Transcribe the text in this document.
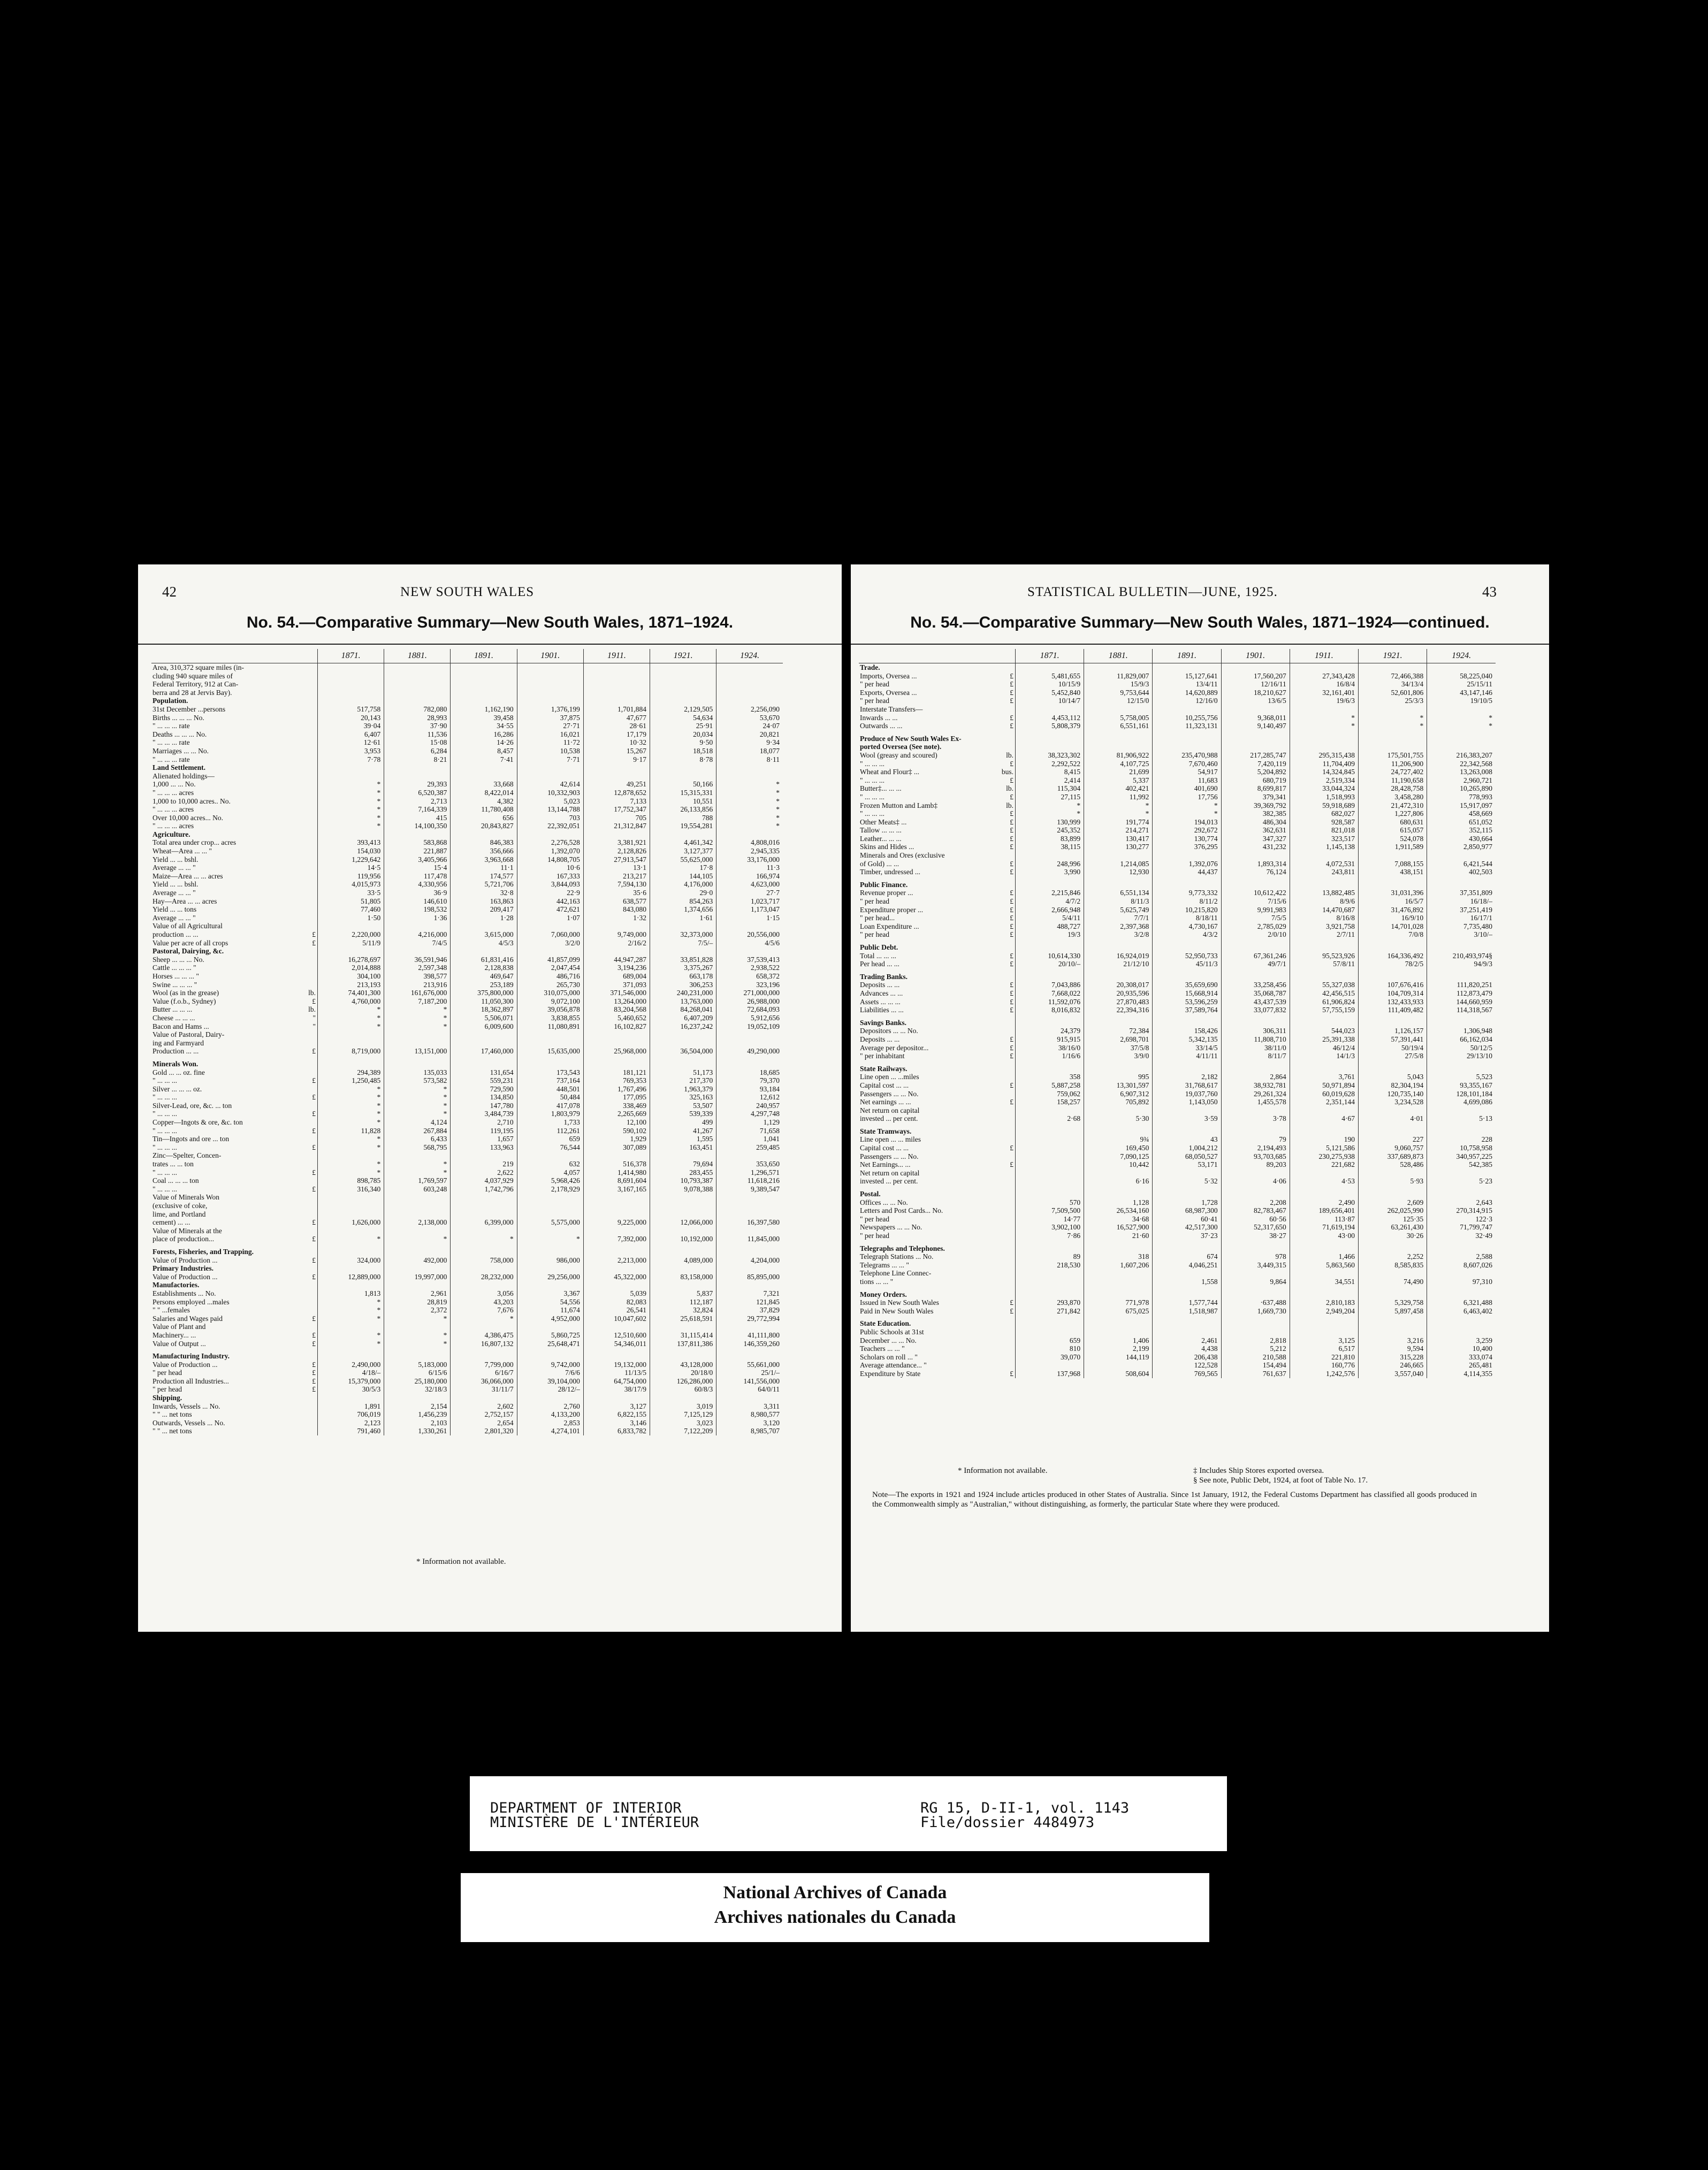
42	NEW SOUTH WALES
No. 54.—Comparative Summary—New South Wales, 1871–1924.
		1871.	1881.	1891.	1901.	1911.	1921.	1924.
Area, 310,372 square miles (in-								
cluding 940 square miles of								
Federal Territory, 912 at Can-								
berra and 28 at Jervis Bay).								
Population.								
31st December ...persons		517,758	782,080	1,162,190	1,376,199	1,701,884	2,129,505	2,256,090
Births ... ... ... No.		20,143	28,993	39,458	37,875	47,677	54,634	53,670
" ... ... ... rate		39·04	37·90	34·55	27·71	28·61	25·91	24·07
Deaths ... ... ... No.		6,407	11,536	16,286	16,021	17,179	20,034	20,821
" ... ... ... rate		12·61	15·08	14·26	11·72	10·32	9·50	9·34
Marriages ... ... No.		3,953	6,284	8,457	10,538	15,267	18,518	18,077
" ... ... ... rate		7·78	8·21	7·41	7·71	9·17	8·78	8·11
Land Settlement.								
Alienated holdings—								
1,000 ... ... No.		*	29,393	33,668	42,614	49,251	50,166	*
" ... ... ... acres		*	6,520,387	8,422,014	10,332,903	12,878,652	15,315,331	*
1,000 to 10,000 acres.. No.		*	2,713	4,382	5,023	7,133	10,551	*
" ... ... ... acres		*	7,164,339	11,780,408	13,144,788	17,752,347	26,133,856	*
Over 10,000 acres... No.		*	415	656	703	705	788	*
" ... ... ... acres		*	14,100,350	20,843,827	22,392,051	21,312,847	19,554,281	*
Agriculture.								
Total area under crop... acres		393,413	583,868	846,383	2,276,528	3,381,921	4,461,342	4,808,016
Wheat—Area ... ... "		154,030	221,887	356,666	1,392,070	2,128,826	3,127,377	2,945,335
Yield ... ... bshl.		1,229,642	3,405,966	3,963,668	14,808,705	27,913,547	55,625,000	33,176,000
Average ... ... "		14·5	15·4	11·1	10·6	13·1	17·8	11·3
Maize—Area ... ... acres		119,956	117,478	174,577	167,333	213,217	144,105	166,974
Yield ... ... bshl.		4,015,973	4,330,956	5,721,706	3,844,093	7,594,130	4,176,000	4,623,000
Average ... ... "		33·5	36·9	32·8	22·9	35·6	29·0	27·7
Hay—Area ... ... acres		51,805	146,610	163,863	442,163	638,577	854,263	1,023,717
Yield ... ... tons		77,460	198,532	209,417	472,621	843,080	1,374,656	1,173,047
Average ... ... "		1·50	1·36	1·28	1·07	1·32	1·61	1·15
Value of all Agricultural								
production ... ...	£	2,220,000	4,216,000	3,615,000	7,060,000	9,749,000	32,373,000	20,556,000
Value per acre of all crops	£	5/11/9	7/4/5	4/5/3	3/2/0	2/16/2	7/5/–	4/5/6
Pastoral, Dairying, &c.								
Sheep ... ... ... No.		16,278,697	36,591,946	61,831,416	41,857,099	44,947,287	33,851,828	37,539,413
Cattle ... ... ... "		2,014,888	2,597,348	2,128,838	2,047,454	3,194,236	3,375,267	2,938,522
Horses ... ... ... "		304,100	398,577	469,647	486,716	689,004	663,178	658,372
Swine ... ... ... "		213,193	213,916	253,189	265,730	371,093	306,253	323,196
Wool (as in the grease)	lb.	74,401,300	161,676,000	375,800,000	310,075,000	371,546,000	240,231,000	271,000,000
Value (f.o.b., Sydney)	£	4,760,000	7,187,200	11,050,300	9,072,100	13,264,000	13,763,000	26,988,000
Butter ... ... ...	lb.	*	*	18,362,897	39,056,878	83,204,568	84,268,041	72,684,093
Cheese ... ... ...	"	*	*	5,506,071	3,838,855	5,460,652	6,407,209	5,912,656
Bacon and Hams ...	"	*	*	6,009,600	11,080,891	16,102,827	16,237,242	19,052,109
Value of Pastoral, Dairy-								
ing and Farmyard								
Production ... ...	£	8,719,000	13,151,000	17,460,000	15,635,000	25,968,000	36,504,000	49,290,000

Minerals Won.								
Gold ... ... oz. fine		294,389	135,033	131,654	173,543	181,121	51,173	18,685
" ... ... ...	£	1,250,485	573,582	559,231	737,164	769,353	217,370	79,370
Silver ... ... ... oz.		*	*	729,590	448,501	1,767,496	1,963,379	93,184
" ... ... ...	£	*	*	134,850	50,484	177,095	325,163	12,612
Silver-Lead, ore, &c. ... ton		*	*	147,780	417,078	338,469	53,507	240,957
" ... ... ...	£	*	*	3,484,739	1,803,979	2,265,669	539,339	4,297,748
Copper—Ingots & ore, &c. ton		*	4,124	2,710	1,733	12,100	499	1,129
" ... ... ...	£	11,828	267,884	119,195	112,261	590,102	41,267	71,658
Tin—Ingots and ore ... ton		*	6,433	1,657	659	1,929	1,595	1,041
" ... ... ...	£	*	568,795	133,963	76,544	307,089	163,451	259,485
Zinc—Spelter, Concen-								
trates ... ... ton		*	*	219	632	516,378	79,694	353,650
" ... ... ...	£	*	*	2,622	4,057	1,414,980	283,455	1,296,571
Coal ... ... ... ton		898,785	1,769,597	4,037,929	5,968,426	8,691,604	10,793,387	11,618,216
" ... ... ...	£	316,340	603,248	1,742,796	2,178,929	3,167,165	9,078,388	9,389,547
Value of Minerals Won								
(exclusive of coke,								
lime, and Portland								
cement) ... ...	£	1,626,000	2,138,000	6,399,000	5,575,000	9,225,000	12,066,000	16,397,580
Value of Minerals at the								
place of production...	£	*	*	*	*	7,392,000	10,192,000	11,845,000

Forests, Fisheries, and Trapping.								
Value of Production ...	£	324,000	492,000	758,000	986,000	2,213,000	4,089,000	4,204,000
Primary Industries.								
Value of Production ...	£	12,889,000	19,997,000	28,232,000	29,256,000	45,322,000	83,158,000	85,895,000
Manufactories.								
Establishments ... No.		1,813	2,961	3,056	3,367	5,039	5,837	7,321
Persons employed ...males		*	28,819	43,203	54,556	82,083	112,187	121,845
" " ...females		*	2,372	7,676	11,674	26,541	32,824	37,829
Salaries and Wages paid	£	*	*	*	4,952,000	10,047,602	25,618,591	29,772,994
Value of Plant and								
Machinery... ...	£	*	*	4,386,475	5,860,725	12,510,600	31,115,414	41,111,800
Value of Output ...	£	*	*	16,807,132	25,648,471	54,346,011	137,811,386	146,359,260

Manufacturing Industry.								
Value of Production ...	£	2,490,000	5,183,000	7,799,000	9,742,000	19,132,000	43,128,000	55,661,000
" per head	£	4/18/–	6/15/6	6/16/7	7/6/6	11/13/5	20/18/0	25/1/–
Production all Industries...	£	15,379,000	25,180,000	36,066,000	39,104,000	64,754,000	126,286,000	141,556,000
" per head	£	30/5/3	32/18/3	31/11/7	28/12/–	38/17/9	60/8/3	64/0/11
Shipping.								
Inwards, Vessels ... No.		1,891	2,154	2,602	2,760	3,127	3,019	3,311
" " ... net tons		706,019	1,456,239	2,752,157	4,133,200	6,822,155	7,125,129	8,980,577
Outwards, Vessels ... No.		2,123	2,103	2,654	2,853	3,146	3,023	3,120
" " ... net tons		791,460	1,330,261	2,801,320	4,274,101	6,833,782	7,122,209	8,985,707
* Information not available.
STATISTICAL BULLETIN—JUNE, 1925.	43
No. 54.—Comparative Summary—New South Wales, 1871–1924—continued.
		1871.	1881.	1891.	1901.	1911.	1921.	1924.
Trade.								
Imports, Oversea ...	£	5,481,655	11,829,007	15,127,641	17,560,207	27,343,428	72,466,388	58,225,040
" per head	£	10/15/9	15/9/3	13/4/11	12/16/11	16/8/4	34/13/4	25/15/11
Exports, Oversea ...	£	5,452,840	9,753,644	14,620,889	18,210,627	32,161,401	52,601,806	43,147,146
" per head	£	10/14/7	12/15/0	12/16/0	13/6/5	19/6/3	25/3/3	19/10/5
Interstate Transfers—								
Inwards ... ...	£	4,453,112	5,758,005	10,255,756	9,368,011	*	*	*
Outwards ... ...	£	5,808,379	6,551,161	11,323,131	9,140,497	*	*	*

Produce of New South Wales Ex-								
ported Oversea (See note).								
Wool (greasy and scoured)	lb.	38,323,302	81,906,922	235,470,988	217,285,747	295,315,438	175,501,755	216,383,207
" ... ... ...	£	2,292,522	4,107,725	7,670,460	7,420,119	11,704,409	11,206,900	22,342,568
Wheat and Flour‡ ...	bus.	8,415	21,699	54,917	5,204,892	14,324,845	24,727,402	13,263,008
" ... ... ...	£	2,414	5,337	11,683	680,719	2,519,334	11,190,658	2,960,721
Butter‡... ... ...	lb.	115,304	402,421	401,690	8,699,817	33,044,324	28,428,758	10,265,890
" ... ... ...	£	27,115	11,992	17,756	379,341	1,518,993	3,458,280	778,993
Frozen Mutton and Lamb‡	lb.	*	*	*	39,369,792	59,918,689	21,472,310	15,917,097
" ... ... ...	£	*	*	*	382,385	682,027	1,227,806	458,669
Other Meats‡ ...	£	130,999	191,774	194,013	486,304	928,587	680,631	651,052
Tallow ... ... ...	£	245,352	214,271	292,672	362,631	821,018	615,057	352,115
Leather... ... ...	£	83,899	130,417	130,774	347,327	323,517	524,078	430,664
Skins and Hides ...	£	38,115	130,277	376,295	431,232	1,145,138	1,911,589	2,850,977
Minerals and Ores (exclusive								
of Gold) ... ...	£	248,996	1,214,085	1,392,076	1,893,314	4,072,531	7,088,155	6,421,544
Timber, undressed ...	£	3,990	12,930	44,437	76,124	243,811	438,151	402,503

Public Finance.								
Revenue proper ...	£	2,215,846	6,551,134	9,773,332	10,612,422	13,882,485	31,031,396	37,351,809
" per head	£	4/7/2	8/11/3	8/11/2	7/15/6	8/9/6	16/5/7	16/18/–
Expenditure proper ...	£	2,666,948	5,625,749	10,215,820	9,991,983	14,470,687	31,476,892	37,251,419
" per head...	£	5/4/11	7/7/1	8/18/11	7/5/5	8/16/8	16/9/10	16/17/1
Loan Expenditure ...	£	488,727	2,397,368	4,730,167	2,785,029	3,921,758	14,701,028	7,735,480
" per head	£	19/3	3/2/8	4/3/2	2/0/10	2/7/11	7/0/8	3/10/–

Public Debt.								
Total ... ... ...	£	10,614,330	16,924,019	52,950,733	67,361,246	95,523,926	164,336,492	210,493,974§
Per head ... ...	£	20/10/–	21/12/10	45/11/3	49/7/1	57/8/11	78/2/5	94/9/3

Trading Banks.								
Deposits ... ...	£	7,043,886	20,308,017	35,659,690	33,258,456	55,327,038	107,676,416	111,820,251
Advances ... ...	£	7,668,022	20,935,596	15,668,914	35,068,787	42,456,515	104,709,314	112,873,479
Assets ... ... ...	£	11,592,076	27,870,483	53,596,259	43,437,539	61,906,824	132,433,933	144,660,959
Liabilities ... ...	£	8,016,832	22,394,316	37,589,764	33,077,832	57,755,159	111,409,482	114,318,567

Savings Banks.								
Depositors ... ... No.		24,379	72,384	158,426	306,311	544,023	1,126,157	1,306,948
Deposits ... ...	£	915,915	2,698,701	5,342,135	11,808,710	25,391,338	57,391,441	66,162,034
Average per depositor...	£	38/16/0	37/5/8	33/14/5	38/11/0	46/12/4	50/19/4	50/12/5
" per inhabitant	£	1/16/6	3/9/0	4/11/11	8/11/7	14/1/3	27/5/8	29/13/10

State Railways.								
Line open ... ...miles		358	995	2,182	2,864	3,761	5,043	5,523
Capital cost ... ...	£	5,887,258	13,301,597	31,768,617	38,932,781	50,971,894	82,304,194	93,355,167
Passengers ... ... No.		759,062	6,907,312	19,037,760	29,261,324	60,019,628	120,735,140	128,101,184
Net earnings ... ...	£	158,257	705,892	1,143,050	1,455,578	2,351,144	3,234,528	4,699,086
Net return on capital								
invested ... per cent.		2·68	5·30	3·59	3·78	4·67	4·01	5·13

State Tramways.								
Line open ... ... miles			9¾	43	79	190	227	228
Capital cost ... ...	£		169,450	1,004,212	2,194,493	5,121,586	9,060,757	10,758,958
Passengers ... ... No.			7,090,125	68,050,527	93,703,685	230,275,938	337,689,873	340,957,225
Net Earnings... ...	£		10,442	53,171	89,203	221,682	528,486	542,385
Net return on capital								
invested ... per cent.			6·16	5·32	4·06	4·53	5·93	5·23

Postal.								
Offices ... ... No.		570	1,128	1,728	2,208	2,490	2,609	2,643
Letters and Post Cards... No.		7,509,500	26,534,160	68,987,300	82,783,467	189,656,401	262,025,990	270,314,915
" per head		14·77	34·68	60·41	60·56	113·87	125·35	122·3
Newspapers ... ... No.		3,902,100	16,527,900	42,517,300	52,317,650	71,619,194	63,261,430	71,799,747
" per head		7·86	21·60	37·23	38·27	43·00	30·26	32·49

Telegraphs and Telephones.								
Telegraph Stations ... No.		89	318	674	978	1,466	2,252	2,588
Telegrams ... ... "		218,530	1,607,206	4,046,251	3,449,315	5,863,560	8,585,835	8,607,026
Telephone Line Connec-								
tions ... ... "				1,558	9,864	34,551	74,490	97,310

Money Orders.								
Issued in New South Wales	£	293,870	771,978	1,577,744	·637,488	2,810,183	5,329,758	6,321,488
Paid in New South Wales	£	271,842	675,025	1,518,987	1,669,730	2,949,204	5,897,458	6,463,402

State Education.								
Public Schools at 31st								
December ... ... No.		659	1,406	2,461	2,818	3,125	3,216	3,259
Teachers ... ... "		810	2,199	4,438	5,212	6,517	9,594	10,400
Scholars on roll ... "		39,070	144,119	206,438	210,588	221,810	315,228	333,074
Average attendance... "				122,528	154,494	160,776	246,665	265,481
Expenditure by State	£	137,968	508,604	769,565	761,637	1,242,576	3,557,040	4,114,355
* Information not available.	‡ Includes Ship Stores exported oversea.
§ See note, Public Debt, 1924, at foot of Table No. 17.
Note—The exports in 1921 and 1924 include articles produced in other States of Australia. Since 1st January, 1912, the Federal Customs Department has classified all goods produced in the Commonwealth simply as "Australian," without distinguishing, as formerly, the particular State where they were produced.
DEPARTMENT OF INTERIOR
MINISTÈRE DE L'INTÉRIEUR
RG 15, D-II-1, vol. 1143
File/dossier 4484973
National Archives of Canada
Archives nationales du Canada
